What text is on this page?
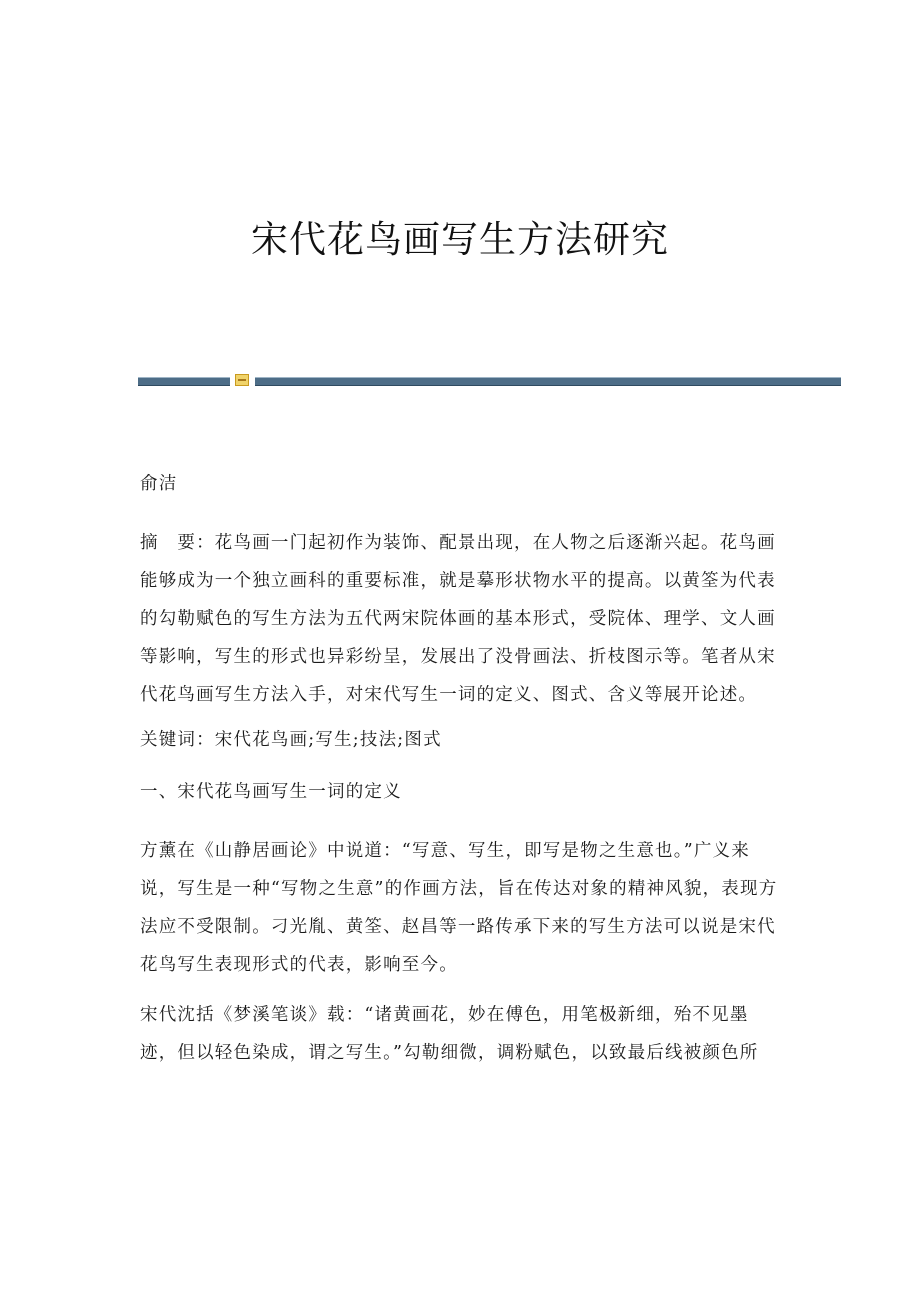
宋代花鸟画写生方法研究

俞洁

摘　要：花鸟画一门起初作为装饰、配景出现，在人物之后逐渐兴起。花鸟画能够成为一个独立画科的重要标准，就是摹形状物水平的提高。以黄筌为代表的勾勒赋色的写生方法为五代两宋院体画的基本形式，受院体、理学、文人画等影响，写生的形式也异彩纷呈，发展出了没骨画法、折枝图示等。笔者从宋代花鸟画写生方法入手，对宋代写生一词的定义、图式、含义等展开论述。

关键词：宋代花鸟画;写生;技法;图式

一、宋代花鸟画写生一词的定义

方薰在《山静居画论》中说道：“写意、写生，即写是物之生意也。”广义来说，写生是一种“写物之生意”的作画方法，旨在传达对象的精神风貌，表现方法应不受限制。刁光胤、黄筌、赵昌等一路传承下来的写生方法可以说是宋代花鸟写生表现形式的代表，影响至今。

宋代沈括《梦溪笔谈》载：“诸黄画花，妙在傅色，用笔极新细，殆不见墨迹，但以轻色染成，谓之写生。”勾勒细微，调粉赋色，以致最后线被颜色所
